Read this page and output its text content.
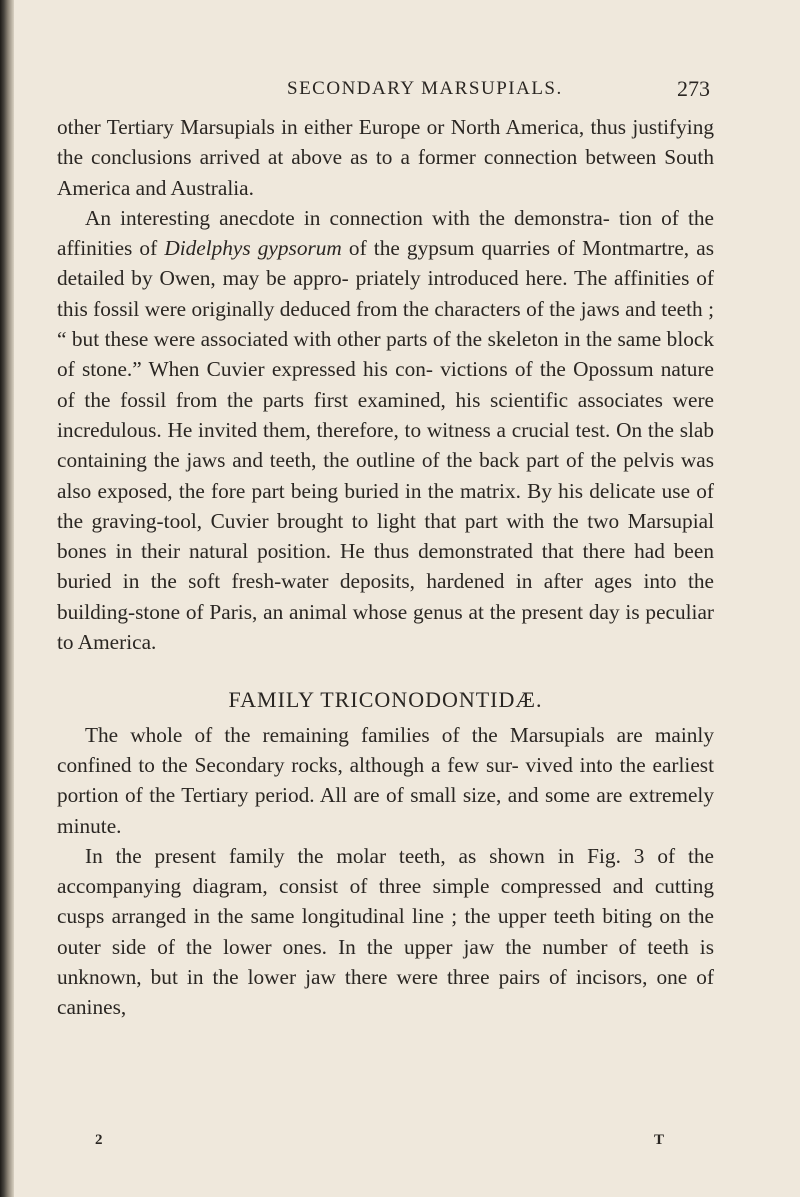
SECONDARY MARSUPIALS.	273

other Tertiary Marsupials in either Europe or North America, thus justifying the conclusions arrived at above as to a former connection between South America and Australia.

An interesting anecdote in connection with the demonstra- tion of the affinities of Didelphys gypsorum of the gypsum quarries of Montmartre, as detailed by Owen, may be appro- priately introduced here. The affinities of this fossil were originally deduced from the characters of the jaws and teeth ; “ but these were associated with other parts of the skeleton in the same block of stone.” When Cuvier expressed his con- victions of the Opossum nature of the fossil from the parts first examined, his scientific associates were incredulous. He invited them, therefore, to witness a crucial test. On the slab containing the jaws and teeth, the outline of the back part of the pelvis was also exposed, the fore part being buried in the matrix. By his delicate use of the graving-tool, Cuvier brought to light that part with the two Marsupial bones in their natural position. He thus demonstrated that there had been buried in the soft fresh-water deposits, hardened in after ages into the building-stone of Paris, an animal whose genus at the present day is peculiar to America.

FAMILY TRICONODONTIDÆ.

The whole of the remaining families of the Marsupials are mainly confined to the Secondary rocks, although a few sur- vived into the earliest portion of the Tertiary period. All are of small size, and some are extremely minute.

In the present family the molar teeth, as shown in Fig. 3 of the accompanying diagram, consist of three simple compressed and cutting cusps arranged in the same longitudinal line ; the upper teeth biting on the outer side of the lower ones. In the upper jaw the number of teeth is unknown, but in the lower jaw there were three pairs of incisors, one of canines,

2	T
